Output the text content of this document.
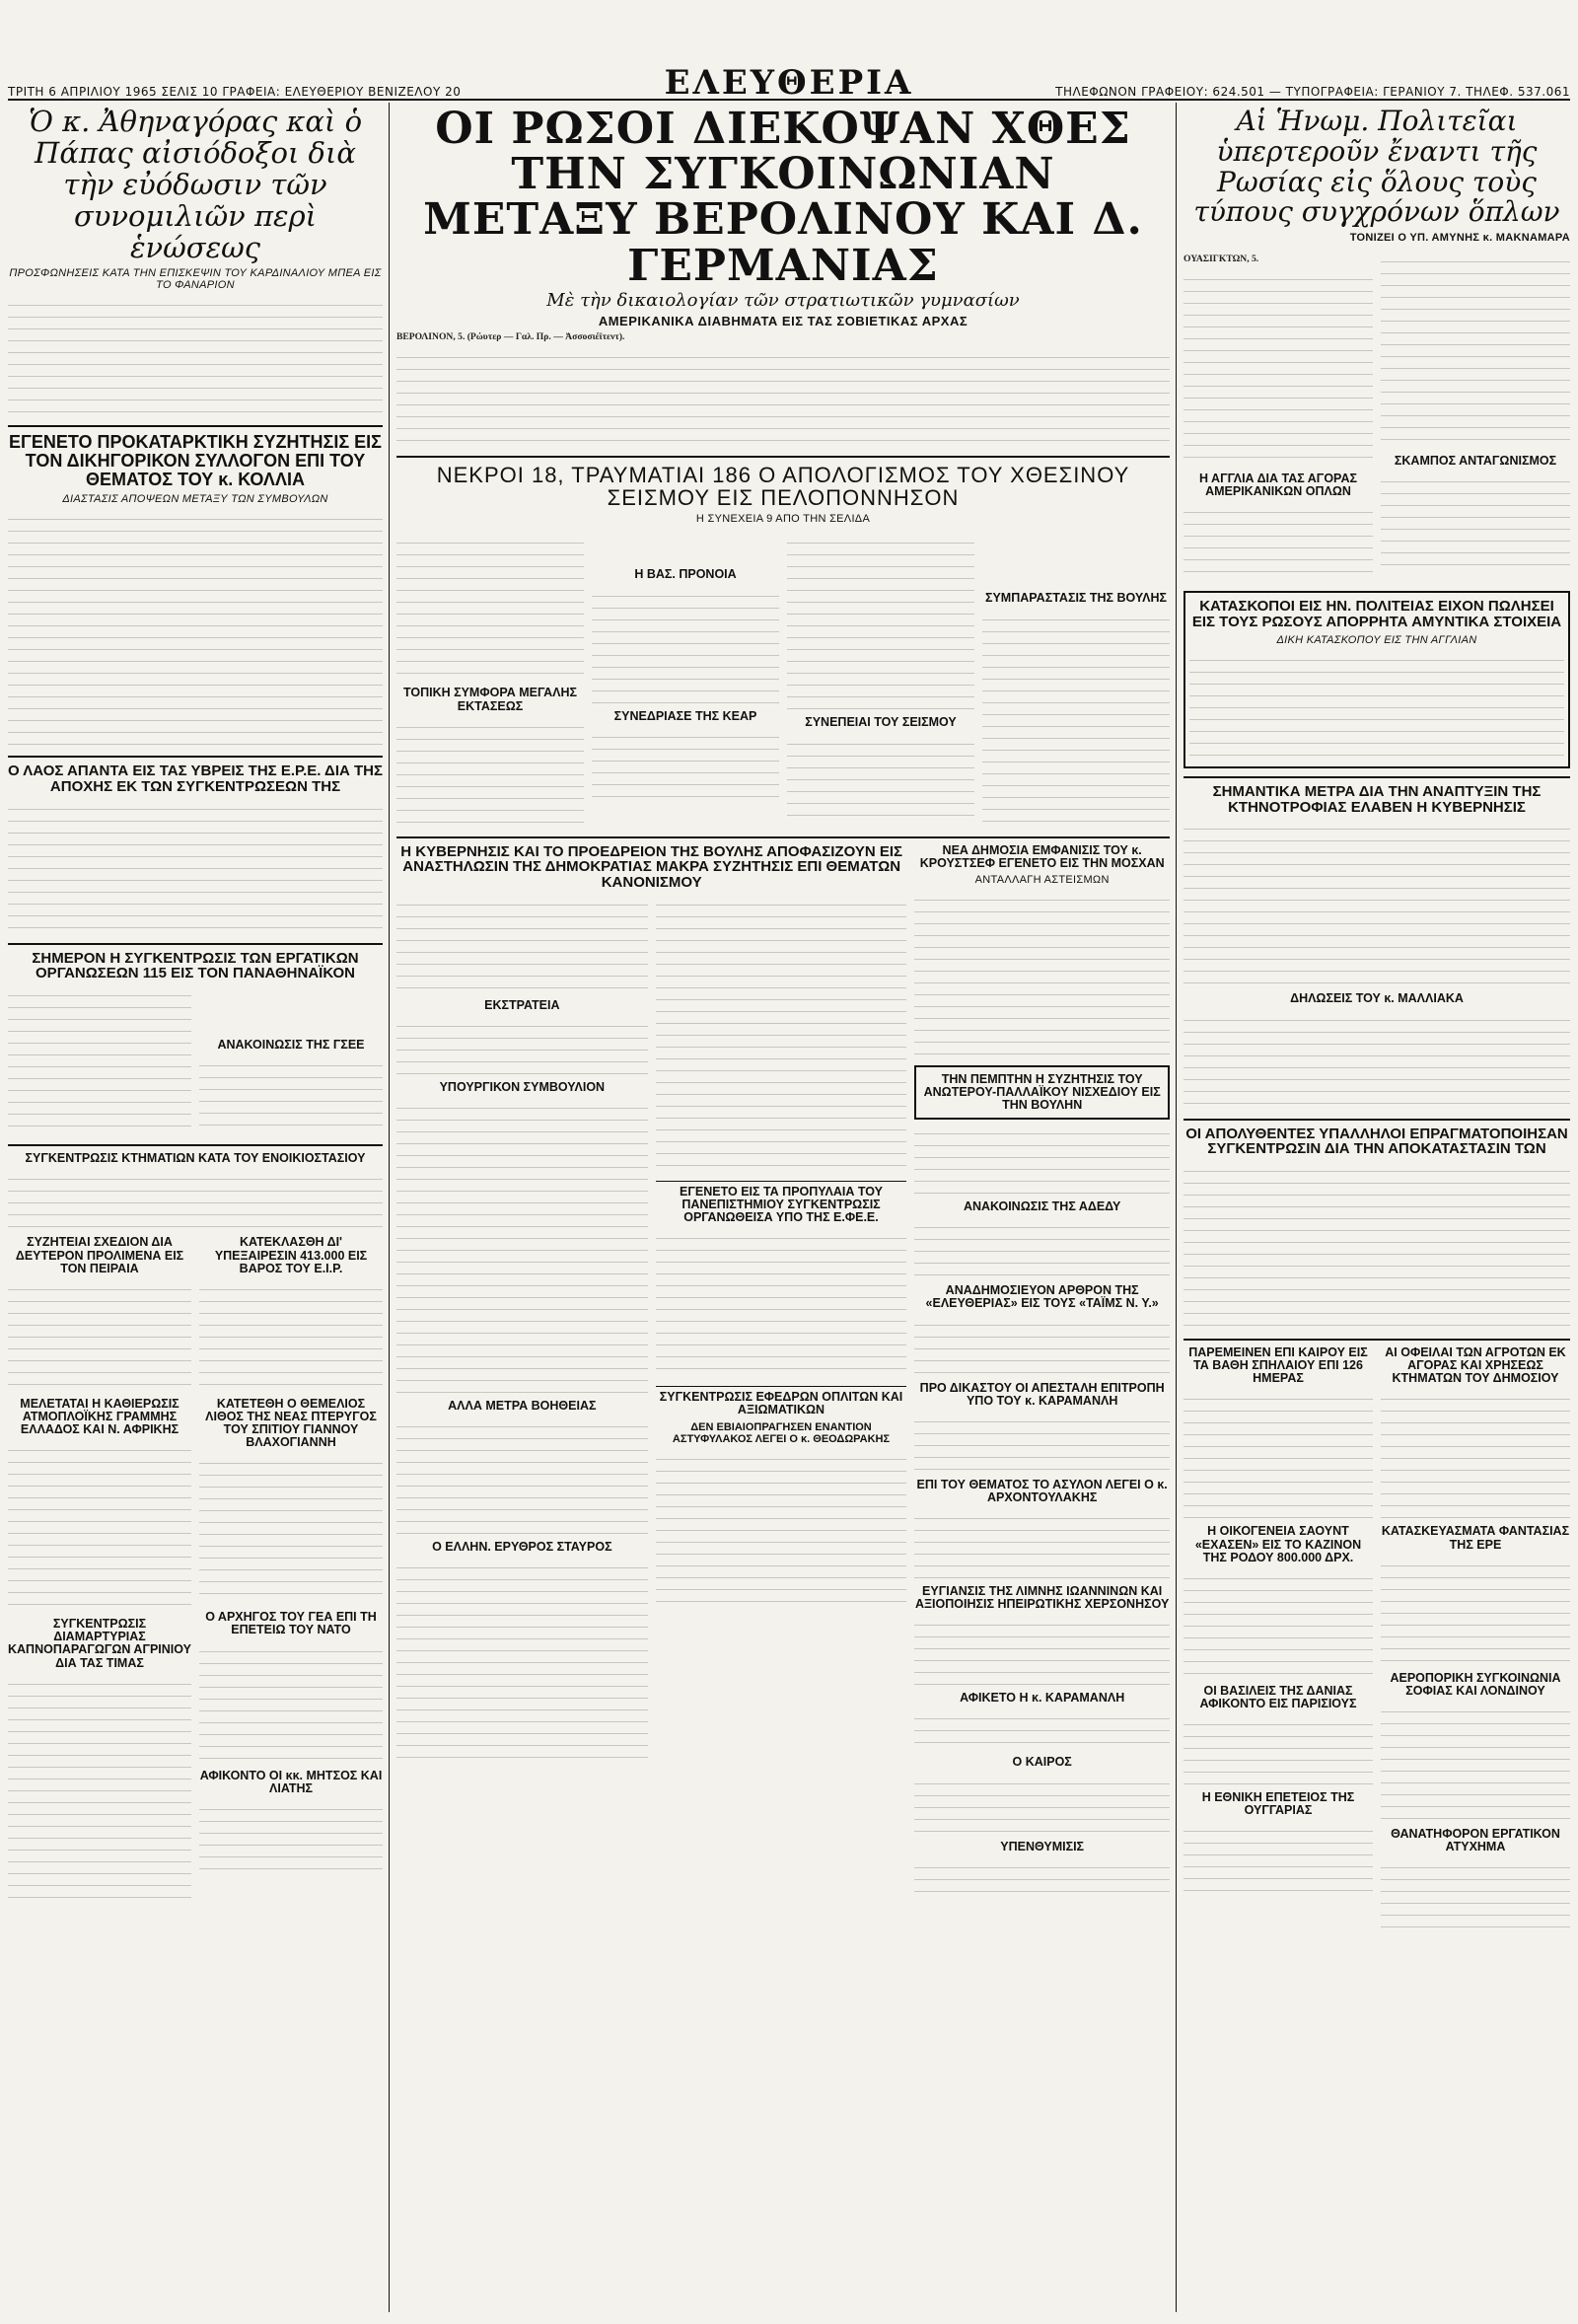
ΤΡΙΤΗ 6 ΑΠΡΙΛΙΟΥ 1965 ΣΕΛΙΣ 10 ΓΡΑΦΕΙΑ: ΕΛΕΥΘΕΡΙΟΥ ΒΕΝΙΖΕΛΟΥ 20	ΕΛΕΥΘΕΡΙΑ	ΤΗΛΕΦΩΝΟΝ ΓΡΑΦΕΙΟΥ: 624.501 — ΤΥΠΟΓΡΑΦΕΙΑ: ΓΕΡΑΝΙΟΥ 7. ΤΗΛΕΦ. 537.061
Ὁ κ. Ἀθηναγόρας καὶ ὁ Πάπας αἰσιόδοξοι διὰ τὴν εὐόδωσιν τῶν συνομιλιῶν περὶ ἑνώσεως
ΠΡΟΣΦΩΝΗΣΕΙΣ ΚΑΤΑ ΤΗΝ ΕΠΙΣΚΕΨΙΝ ΤΟΥ ΚΑΡΔΙΝΑΛΙΟΥ ΜΠΕΑ ΕΙΣ ΤΟ ΦΑΝΑΡΙΟΝ
ΕΓΕΝΕΤΟ ΠΡΟΚΑΤΑΡΚΤΙΚΗ ΣΥΖΗΤΗΣΙΣ ΕΙΣ ΤΟΝ ΔΙΚΗΓΟΡΙΚΟΝ ΣΥΛΛΟΓΟΝ ΕΠΙ ΤΟΥ ΘΕΜΑΤΟΣ ΤΟΥ κ. ΚΟΛΛΙΑ
ΔΙΑΣΤΑΣΙΣ ΑΠΟΨΕΩΝ ΜΕΤΑΞΥ ΤΩΝ ΣΥΜΒΟΥΛΩΝ
Ο ΛΑΟΣ ΑΠΑΝΤΑ ΕΙΣ ΤΑΣ ΥΒΡΕΙΣ ΤΗΣ Ε.Ρ.Ε. ΔΙΑ ΤΗΣ ΑΠΟΧΗΣ ΕΚ ΤΩΝ ΣΥΓΚΕΝΤΡΩΣΕΩΝ ΤΗΣ
ΣΗΜΕΡΟΝ Η ΣΥΓΚΕΝΤΡΩΣΙΣ ΤΩΝ ΕΡΓΑΤΙΚΩΝ ΟΡΓΑΝΩΣΕΩΝ 115 ΕΙΣ ΤΟΝ ΠΑΝΑΘΗΝΑΪΚΟΝ
ΑΝΑΚΟΙΝΩΣΙΣ ΤΗΣ ΓΣΕΕ
ΣΥΓΚΕΝΤΡΩΣΙΣ ΚΤΗΜΑΤΙΩΝ ΚΑΤΑ ΤΟΥ ΕΝΟΙΚΙΟΣΤΑΣΙΟΥ
ΣΥΖΗΤΕΙΑΙ ΣΧΕΔΙΟΝ ΔΙΑ ΔΕΥΤΕΡΟΝ ΠΡΟΛΙΜΕΝΑ ΕΙΣ ΤΟΝ ΠΕΙΡΑΙΑ
ΜΕΛΕΤΑΤΑΙ Η ΚΑΘΙΕΡΩΣΙΣ ΑΤΜΟΠΛΟΪΚΗΣ ΓΡΑΜΜΗΣ ΕΛΛΑΔΟΣ ΚΑΙ Ν. ΑΦΡΙΚΗΣ
ΣΥΓΚΕΝΤΡΩΣΙΣ ΔΙΑΜΑΡΤΥΡΙΑΣ ΚΑΠΝΟΠΑΡΑΓΩΓΩΝ ΑΓΡΙΝΙΟΥ ΔΙΑ ΤΑΣ ΤΙΜΑΣ
ΚΑΤΕΚΛΑΣΘΗ ΔΙ' ΥΠΕΞΑΙΡΕΣΙΝ 413.000 ΕΙΣ ΒΑΡΟΣ ΤΟΥ Ε.Ι.Ρ.
ΚΑΤΕΤΕΘΗ Ο ΘΕΜΕΛΙΟΣ ΛΙΘΟΣ ΤΗΣ ΝΕΑΣ ΠΤΕΡΥΓΟΣ ΤΟΥ ΣΠΙΤΙΟΥ ΓΙΑΝΝΟΥ ΒΛΑΧΟΓΙΑΝΝΗ
Ο ΑΡΧΗΓΟΣ ΤΟΥ ΓΕΑ ΕΠΙ ΤΗ ΕΠΕΤΕΙΩ ΤΟΥ ΝΑΤΟ
ΑΦΙΚΟΝΤΟ ΟΙ κκ. ΜΗΤΣΟΣ ΚΑΙ ΛΙΑΤΗΣ
ΟΙ ΡΩΣΟΙ ΔΙΕΚΟΨΑΝ ΧΘΕΣ ΤΗΝ ΣΥΓΚΟΙΝΩΝΙΑΝ ΜΕΤΑΞΥ ΒΕΡΟΛΙΝΟΥ ΚΑΙ Δ. ΓΕΡΜΑΝΙΑΣ
Μὲ τὴν δικαιολογίαν τῶν στρατιωτικῶν γυμνασίων
ΑΜΕΡΙΚΑΝΙΚΑ ΔΙΑΒΗΜΑΤΑ ΕΙΣ ΤΑΣ ΣΟΒΙΕΤΙΚΑΣ ΑΡΧΑΣ
ΒΕΡΟΛΙΝΟΝ, 5. (Ρώυτερ — Γαλ. Πρ. — Ἀσσοσιέϊτεντ).
ΝΕΚΡΟΙ 18, ΤΡΑΥΜΑΤΙΑΙ 186 Ο ΑΠΟΛΟΓΙΣΜΟΣ ΤΟΥ ΧΘΕΣΙΝΟΥ ΣΕΙΣΜΟΥ ΕΙΣ ΠΕΛΟΠΟΝΝΗΣΟΝ
Η ΣΥΝΕΧΕΙΑ 9 ΑΠΟ ΤΗΝ ΣΕΛΙΔΑ
ΤΟΠΙΚΗ ΣΥΜΦΟΡΑ ΜΕΓΑΛΗΣ ΕΚΤΑΣΕΩΣ
Η ΒΑΣ. ΠΡΟΝΟΙΑ
ΣΥΝΕΔΡΙΑΣΕ ΤΗΣ ΚΕΑΡ	ΣΥΝΕΠΕΙΑΙ ΤΟΥ ΣΕΙΣΜΟΥ
ΣΥΜΠΑΡΑΣΤΑΣΙΣ ΤΗΣ ΒΟΥΛΗΣ
Η ΚΥΒΕΡΝΗΣΙΣ ΚΑΙ ΤΟ ΠΡΟΕΔΡΕΙΟΝ ΤΗΣ ΒΟΥΛΗΣ ΑΠΟΦΑΣΙΖΟΥΝ ΕΙΣ ΑΝΑΣΤΗΛΩΣΙΝ ΤΗΣ ΔΗΜΟΚΡΑΤΙΑΣ ΜΑΚΡΑ ΣΥΖΗΤΗΣΙΣ ΕΠΙ ΘΕΜΑΤΩΝ ΚΑΝΟΝΙΣΜΟΥ
ΕΚΣΤΡΑΤΕΙΑ
ΥΠΟΥΡΓΙΚΟΝ ΣΥΜΒΟΥΛΙΟΝ
ΑΛΛΑ ΜΕΤΡΑ ΒΟΗΘΕΙΑΣ
Ο ΕΛΛΗΝ. ΕΡΥΘΡΟΣ ΣΤΑΥΡΟΣ
ΕΓΕΝΕΤΟ ΕΙΣ ΤΑ ΠΡΟΠΥΛΑΙΑ ΤΟΥ ΠΑΝΕΠΙΣΤΗΜΙΟΥ ΣΥΓΚΕΝΤΡΩΣΙΣ ΟΡΓΑΝΩΘΕΙΣΑ ΥΠΟ ΤΗΣ Ε.ΦΕ.Ε.
ΣΥΓΚΕΝΤΡΩΣΙΣ ΕΦΕΔΡΩΝ ΟΠΛΙΤΩΝ ΚΑΙ ΑΞΙΩΜΑΤΙΚΩΝ
ΔΕΝ ΕΒΙΑΙΟΠΡΑΓΗΣΕΝ ΕΝΑΝΤΙΟΝ ΑΣΤΥΦΥΛΑΚΟΣ ΛΕΓΕΙ Ο κ. ΘΕΟΔΩΡΑΚΗΣ
ΝΕΑ ΔΗΜΟΣΙΑ ΕΜΦΑΝΙΣΙΣ ΤΟΥ κ. ΚΡΟΥΣΤΣΕΦ ΕΓΕΝΕΤΟ ΕΙΣ ΤΗΝ ΜΟΣΧΑΝ
ΑΝΤΑΛΛΑΓΗ ΑΣΤΕΙΣΜΩΝ
ΤΗΝ ΠΕΜΠΤΗΝ Η ΣΥΖΗΤΗΣΙΣ ΤΟΥ ΑΝΩΤΕΡΟΥ-ΠΑΛΛΑΪΚΟΥ ΝΙΣΧΕΔΙΟΥ ΕΙΣ ΤΗΝ ΒΟΥΛΗΝ
ΑΝΑΚΟΙΝΩΣΙΣ ΤΗΣ ΑΔΕΔΥ
ΑΝΑΔΗΜΟΣΙΕΥΟΝ ΑΡΘΡΟΝ ΤΗΣ «ΕΛΕΥΘΕΡΙΑΣ» ΕΙΣ ΤΟΥΣ «ΤΑΪΜΣ Ν. Υ.»
ΠΡΟ ΔΙΚΑΣΤΟΥ ΟΙ ΑΠΕΣΤΑΛΗ ΕΠΙΤΡΟΠΗ ΥΠΟ ΤΟΥ κ. ΚΑΡΑΜΑΝΛΗ
ΕΠΙ ΤΟΥ ΘΕΜΑΤΟΣ ΤΟ ΑΣΥΛΟΝ ΛΕΓΕΙ Ο κ. ΑΡΧΟΝΤΟΥΛΑΚΗΣ
ΕΥΓΙΑΝΣΙΣ ΤΗΣ ΛΙΜΝΗΣ ΙΩΑΝΝΙΝΩΝ ΚΑΙ ΑΞΙΟΠΟΙΗΣΙΣ ΗΠΕΙΡΩΤΙΚΗΣ ΧΕΡΣΟΝΗΣΟΥ
ΑΦΙΚΕΤΟ Η κ. ΚΑΡΑΜΑΝΛΗ
Ο ΚΑΙΡΟΣ
ΥΠΕΝΘΥΜΙΣΙΣ
Αἱ Ἡνωμ. Πολιτεῖαι ὑπερτεροῦν ἔναντι τῆς Ρωσίας εἰς ὅλους τοὺς τύπους συγχρόνων ὅπλων
ΤΟΝΙΖΕΙ Ο ΥΠ. ΑΜΥΝΗΣ κ. ΜΑΚΝΑΜΑΡΑ
ΟΥΑΣΙΓΚΤΩΝ, 5.
Η ΑΓΓΛΙΑ ΔΙΑ ΤΑΣ ΑΓΟΡΑΣ ΑΜΕΡΙΚΑΝΙΚΩΝ ΟΠΛΩΝ
ΣΚΑΜΠΟΣ ΑΝΤΑΓΩΝΙΣΜΟΣ
ΚΑΤΑΣΚΟΠΟΙ ΕΙΣ ΗΝ. ΠΟΛΙΤΕΙΑΣ ΕΙΧΟΝ ΠΩΛΗΣΕΙ ΕΙΣ ΤΟΥΣ ΡΩΣΟΥΣ ΑΠΟΡΡΗΤΑ ΑΜΥΝΤΙΚΑ ΣΤΟΙΧΕΙΑ
ΔΙΚΗ ΚΑΤΑΣΚΟΠΟΥ ΕΙΣ ΤΗΝ ΑΓΓΛΙΑΝ
ΣΗΜΑΝΤΙΚΑ ΜΕΤΡΑ ΔΙΑ ΤΗΝ ΑΝΑΠΤΥΞΙΝ ΤΗΣ ΚΤΗΝΟΤΡΟΦΙΑΣ ΕΛΑΒΕΝ Η ΚΥΒΕΡΝΗΣΙΣ
ΔΗΛΩΣΕΙΣ ΤΟΥ κ. ΜΑΛΛΙΑΚΑ
ΟΙ ΑΠΟΛΥΘΕΝΤΕΣ ΥΠΑΛΛΗΛΟΙ ΕΠΡΑΓΜΑΤΟΠΟΙΗΣΑΝ ΣΥΓΚΕΝΤΡΩΣΙΝ ΔΙΑ ΤΗΝ ΑΠΟΚΑΤΑΣΤΑΣΙΝ ΤΩΝ
ΠΑΡΕΜΕΙΝΕΝ ΕΠΙ ΚΑΙΡΟΥ ΕΙΣ ΤΑ ΒΑΘΗ ΣΠΗΛΑΙΟΥ ΕΠΙ 126 ΗΜΕΡΑΣ
Η ΟΙΚΟΓΕΝΕΙΑ ΣΑΟΥΝΤ «ΕΧΑΣΕΝ» ΕΙΣ ΤΟ ΚΑΖΙΝΟΝ ΤΗΣ ΡΟΔΟΥ 800.000 ΔΡΧ.
ΟΙ ΒΑΣΙΛΕΙΣ ΤΗΣ ΔΑΝΙΑΣ ΑΦΙΚΟΝΤΟ ΕΙΣ ΠΑΡΙΣΙΟΥΣ
Η ΕΘΝΙΚΗ ΕΠΕΤΕΙΟΣ ΤΗΣ ΟΥΓΓΑΡΙΑΣ
ΑΙ ΟΦΕΙΛΑΙ ΤΩΝ ΑΓΡΟΤΩΝ ΕΚ ΑΓΟΡΑΣ ΚΑΙ ΧΡΗΣΕΩΣ ΚΤΗΜΑΤΩΝ ΤΟΥ ΔΗΜΟΣΙΟΥ
ΚΑΤΑΣΚΕΥΑΣΜΑΤΑ ΦΑΝΤΑΣΙΑΣ ΤΗΣ ΕΡΕ
ΑΕΡΟΠΟΡΙΚΗ ΣΥΓΚΟΙΝΩΝΙΑ ΣΟΦΙΑΣ ΚΑΙ ΛΟΝΔΙΝΟΥ
ΘΑΝΑΤΗΦΟΡΟΝ ΕΡΓΑΤΙΚΟΝ ΑΤΥΧΗΜΑ
